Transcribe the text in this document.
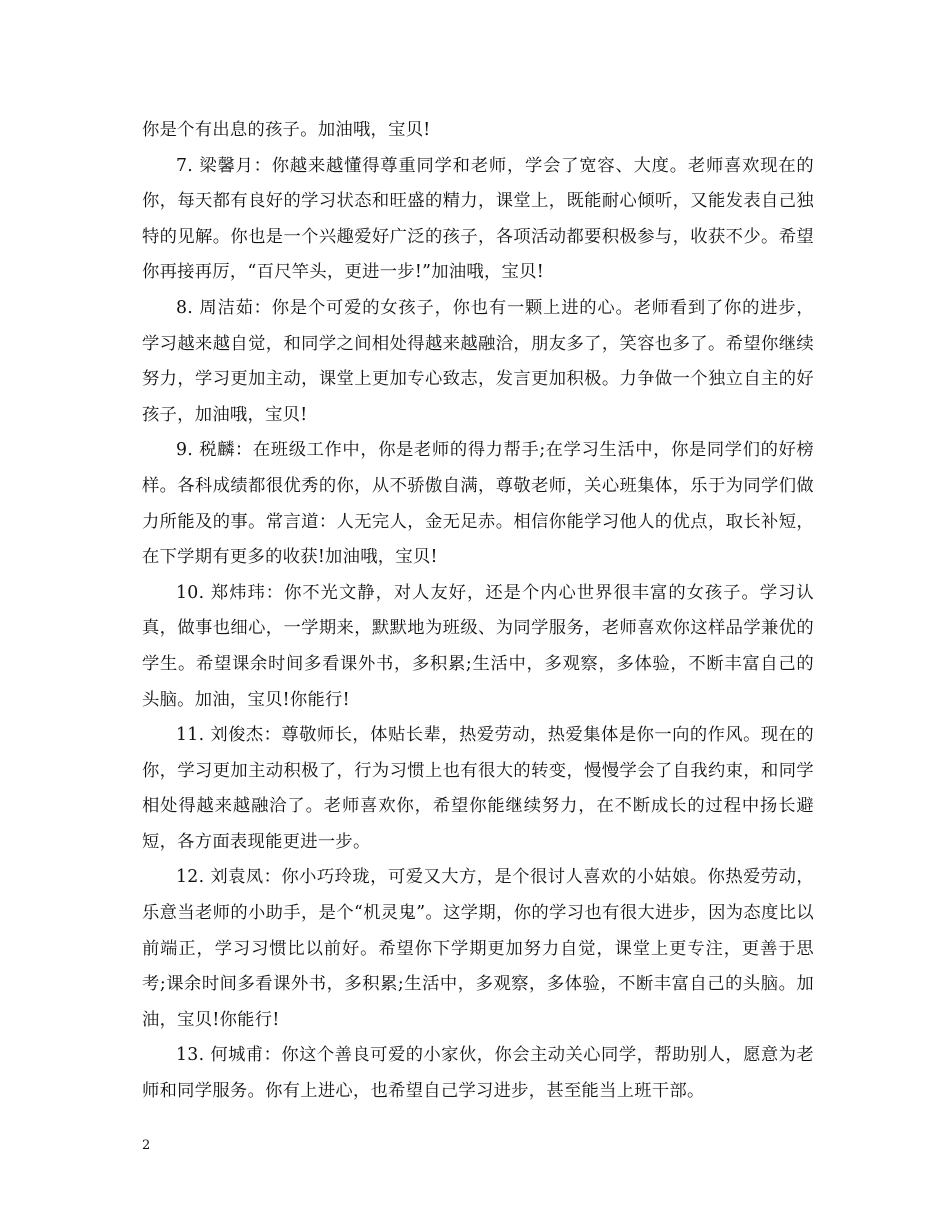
你是个有出息的孩子。加油哦，宝贝!

7. 梁馨月：你越来越懂得尊重同学和老师，学会了宽容、大度。老师喜欢现在的你，每天都有良好的学习状态和旺盛的精力，课堂上，既能耐心倾听，又能发表自己独特的见解。你也是一个兴趣爱好广泛的孩子，各项活动都要积极参与，收获不少。希望你再接再厉，“百尺竿头，更进一步!”加油哦，宝贝!

8. 周洁茹：你是个可爱的女孩子，你也有一颗上进的心。老师看到了你的进步，学习越来越自觉，和同学之间相处得越来越融洽，朋友多了，笑容也多了。希望你继续努力，学习更加主动，课堂上更加专心致志，发言更加积极。力争做一个独立自主的好孩子，加油哦，宝贝!

9. 税麟：在班级工作中，你是老师的得力帮手;在学习生活中，你是同学们的好榜样。各科成绩都很优秀的你，从不骄傲自满，尊敬老师，关心班集体，乐于为同学们做力所能及的事。常言道：人无完人，金无足赤。相信你能学习他人的优点，取长补短，在下学期有更多的收获!加油哦，宝贝!

10. 郑炜玮：你不光文静，对人友好，还是个内心世界很丰富的女孩子。学习认真，做事也细心，一学期来，默默地为班级、为同学服务，老师喜欢你这样品学兼优的学生。希望课余时间多看课外书，多积累;生活中，多观察，多体验，不断丰富自己的头脑。加油，宝贝!你能行!

11. 刘俊杰：尊敬师长，体贴长辈，热爱劳动，热爱集体是你一向的作风。现在的你，学习更加主动积极了，行为习惯上也有很大的转变，慢慢学会了自我约束，和同学相处得越来越融洽了。老师喜欢你，希望你能继续努力，在不断成长的过程中扬长避短，各方面表现能更进一步。

12. 刘袁凤：你小巧玲珑，可爱又大方，是个很讨人喜欢的小姑娘。你热爱劳动，乐意当老师的小助手，是个“机灵鬼”。这学期，你的学习也有很大进步，因为态度比以前端正，学习习惯比以前好。希望你下学期更加努力自觉，课堂上更专注，更善于思考;课余时间多看课外书，多积累;生活中，多观察，多体验，不断丰富自己的头脑。加油，宝贝!你能行!

13. 何城甫：你这个善良可爱的小家伙，你会主动关心同学，帮助别人，愿意为老师和同学服务。你有上进心，也希望自己学习进步，甚至能当上班干部。

2
